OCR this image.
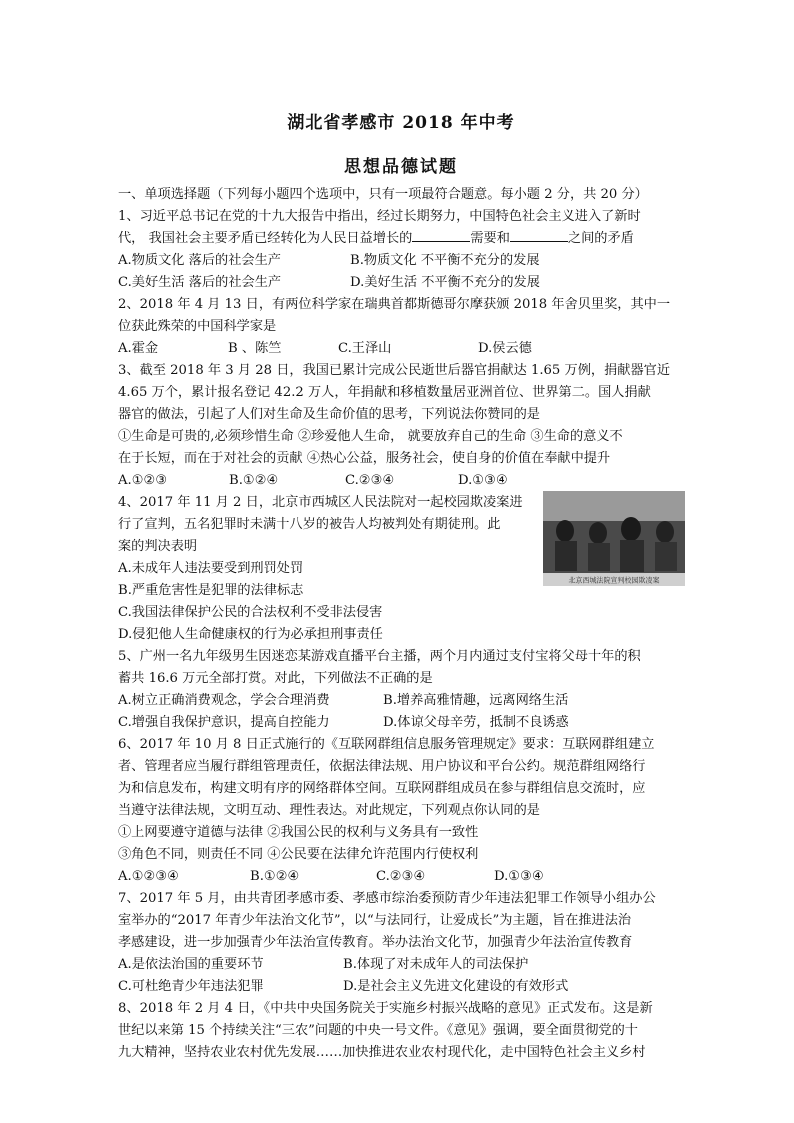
湖北省孝感市 2018 年中考
思想品德试题
一、单项选择题（下列每小题四个选项中，只有一项最符合题意。每小题 2 分，共 20 分）
1、习近平总书记在党的十九大报告中指出，经过长期努力，中国特色社会主义进入了新时
代， 我国社会主要矛盾已经转化为人民日益增长的	需要和	之间的矛盾
A.物质文化 落后的社会生产	B.物质文化 不平衡不充分的发展
C.美好生活 落后的社会生产	D.美好生活 不平衡不充分的发展
2、2018 年 4 月 13 日，有两位科学家在瑞典首都斯德哥尔摩获颁 2018 年舍贝里奖，其中一
位获此殊荣的中国科学家是
A.霍金	B 、陈竺	C.王泽山	D.侯云德
3、截至 2018 年 3 月 28 日，我国已累计完成公民逝世后器官捐献达 1.65 万例，捐献器官近
4.65 万个，累计报名登记 42.2 万人，年捐献和移植数量居亚洲首位、世界第二。国人捐献
器官的做法，引起了人们对生命及生命价值的思考，下列说法你赞同的是
①生命是可贵的,必须珍惜生命 ②珍爱他人生命， 就要放弃自己的生命 ③生命的意义不
在于长短，而在于对社会的贡献 ④热心公益，服务社会，使自身的价值在奉献中提升
A.①②③	B.①②④	C.②③④	D.①③④
4、2017 年 11 月 2 日，北京市西城区人民法院对一起校园欺凌案进
行了宣判，五名犯罪时未满十八岁的被告人均被判处有期徒刑。此
案的判决表明
A.未成年人违法要受到刑罚处罚
B.严重危害性是犯罪的法律标志
C.我国法律保护公民的合法权利不受非法侵害
D.侵犯他人生命健康权的行为必承担刑事责任
5、广州一名九年级男生因迷恋某游戏直播平台主播，两个月内通过支付宝将父母十年的积
蓄共 16.6 万元全部打赏。对此，下列做法不正确的是
A.树立正确消费观念，学会合理消费	B.增养高雅情趣，远离网络生活
C.增强自我保护意识，提高自控能力	D.体谅父母辛劳，抵制不良诱惑
6、2017 年 10 月 8 日正式施行的《互联网群组信息服务管理规定》要求：互联网群组建立
者、管理者应当履行群组管理责任，依据法律法规、用户协议和平台公约。规范群组网络行
为和信息发布，构建文明有序的网络群体空间。互联网群组成员在参与群组信息交流时，应
当遵守法律法规，文明互动、理性表达。对此规定，下列观点你认同的是
①上网要遵守道德与法律 ②我国公民的权利与义务具有一致性
③角色不同，则责任不同 ④公民要在法律允许范围内行使权利
A.①②③④	B.①②④	C.②③④	D.①③④
7、2017 年 5 月，由共青团孝感市委、孝感市综治委预防青少年违法犯罪工作领导小组办公
室举办的“2017 年青少年法治文化节”，以“与法同行，让爱成长”为主题，旨在推进法治
孝感建设，进一步加强青少年法治宣传教育。举办法治文化节，加强青少年法治宣传教育
A.是依法治国的重要环节	B.体现了对未成年人的司法保护
C.可杜绝青少年违法犯罪	D.是社会主义先进文化建设的有效形式
8、2018 年 2 月 4 日，《中共中央国务院关于实施乡村振兴战略的意见》正式发布。这是新
世纪以来第 15 个持续关注“三农”问题的中央一号文件。《意见》强调，要全面贯彻党的十
九大精神，坚持农业农村优先发展……加快推进农业农村现代化，走中国特色社会主义乡村
北京西城法院宣判校园欺凌案
